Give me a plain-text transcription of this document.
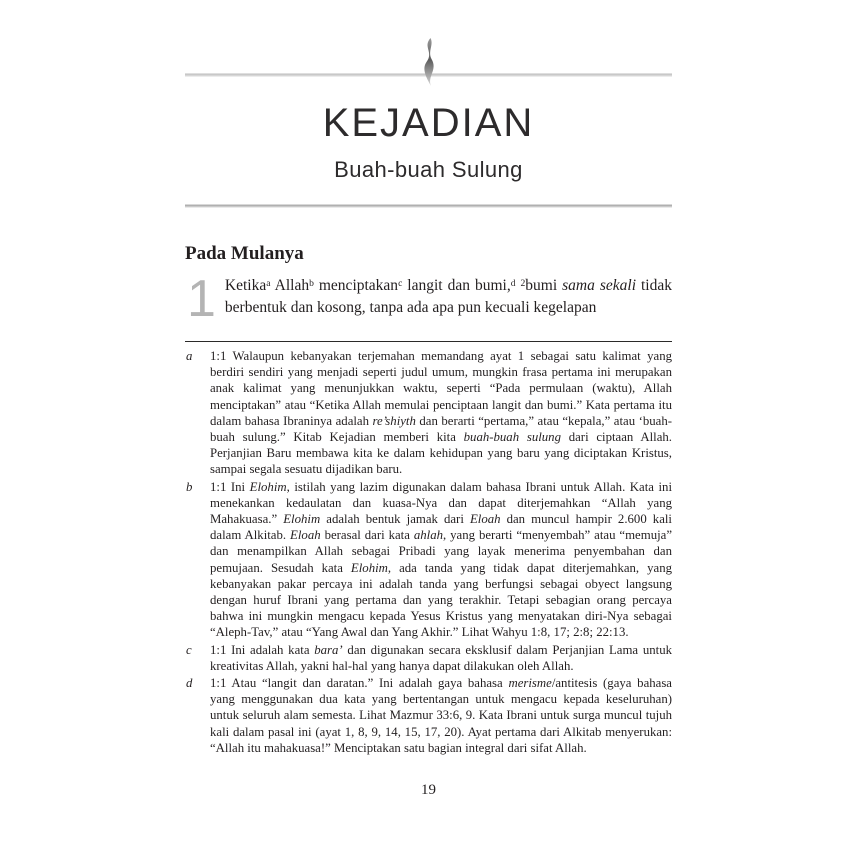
KEJADIAN
Buah-buah Sulung
Pada Mulanya
1 Ketika$^a$ Allah$^b$ menciptakan$^c$ langit dan bumi,$^d$ $^2$bumi sama sekali tidak berbentuk dan kosong, tanpa ada apa pun kecuali kegelapan

a 1:1 Walaupun kebanyakan terjemahan memandang ayat 1 sebagai satu kalimat yang berdiri sendiri yang menjadi seperti judul umum, mungkin frasa pertama ini merupakan anak kalimat yang menunjukkan waktu, seperti “Pada permulaan (waktu), Allah menciptakan” atau “Ketika Allah memulai penciptaan langit dan bumi.” Kata pertama itu dalam bahasa Ibraninya adalah re’shiyth dan berarti “pertama,” atau “kepala,” atau ‘buah-buah sulung.” Kitab Kejadian memberi kita buah-buah sulung dari ciptaan Allah. Perjanjian Baru membawa kita ke dalam kehidupan yang baru yang diciptakan Kristus, sampai segala sesuatu dijadikan baru.
b 1:1 Ini Elohim, istilah yang lazim digunakan dalam bahasa Ibrani untuk Allah. Kata ini menekankan kedaulatan dan kuasa-Nya dan dapat diterjemahkan “Allah yang Mahakuasa.” Elohim adalah bentuk jamak dari Eloah dan muncul hampir 2.600 kali dalam Alkitab. Eloah berasal dari kata ahlah, yang berarti “menyembah” atau “memuja” dan menampilkan Allah sebagai Pribadi yang layak menerima penyembahan dan pemujaan. Sesudah kata Elohim, ada tanda yang tidak dapat diterjemahkan, yang kebanyakan pakar percaya ini adalah tanda yang berfungsi sebagai obyect langsung dengan huruf Ibrani yang pertama dan yang terakhir. Tetapi sebagian orang percaya bahwa ini mungkin mengacu kepada Yesus Kristus yang menyatakan diri-Nya sebagai “Aleph-Tav,” atau “Yang Awal dan Yang Akhir.” Lihat Wahyu 1:8, 17; 2:8; 22:13.
c 1:1 Ini adalah kata bara’ dan digunakan secara eksklusif dalam Perjanjian Lama untuk kreativitas Allah, yakni hal-hal yang hanya dapat dilakukan oleh Allah.
d 1:1 Atau “langit dan daratan.” Ini adalah gaya bahasa merisme/antitesis (gaya bahasa yang menggunakan dua kata yang bertentangan untuk mengacu kepada keseluruhan) untuk seluruh alam semesta. Lihat Mazmur 33:6, 9. Kata Ibrani untuk surga muncul tujuh kali dalam pasal ini (ayat 1, 8, 9, 14, 15, 17, 20). Ayat pertama dari Alkitab menyerukan: “Allah itu mahakuasa!” Menciptakan satu bagian integral dari sifat Allah.
19
